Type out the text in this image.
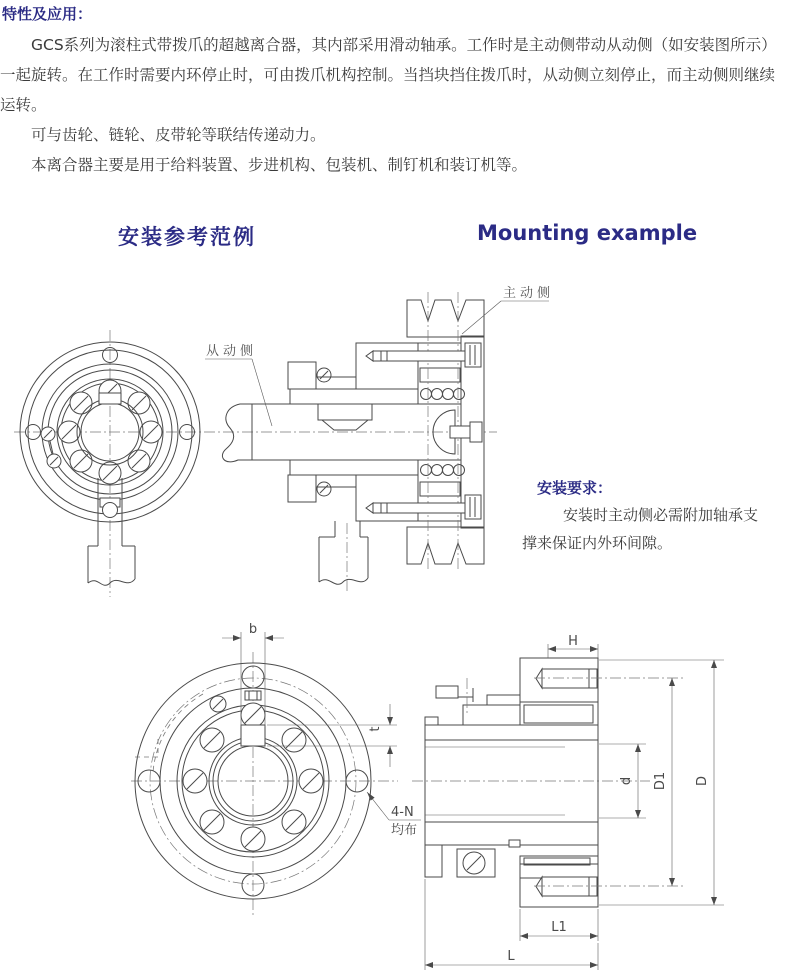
特性及应用：
GCS系列为滚柱式带拨爪的超越离合器，其内部采用滑动轴承。工作时是主动侧带动从动侧（如安装图所示）
一起旋转。在工作时需要内环停止时，可由拨爪机构控制。当挡块挡住拨爪时，从动侧立刻停止，而主动侧则继续
运转。
可与齿轮、链轮、皮带轮等联结传递动力。
本离合器主要是用于给料装置、步进机构、包装机、制钉机和装订机等。
安装参考范例	Mounting example
从动侧
主动侧
安装要求：
安装时主动侧必需附加轴承支
撑来保证内外环间隙。
b
t
4-N
均布
H
d D1 D
L1
L
